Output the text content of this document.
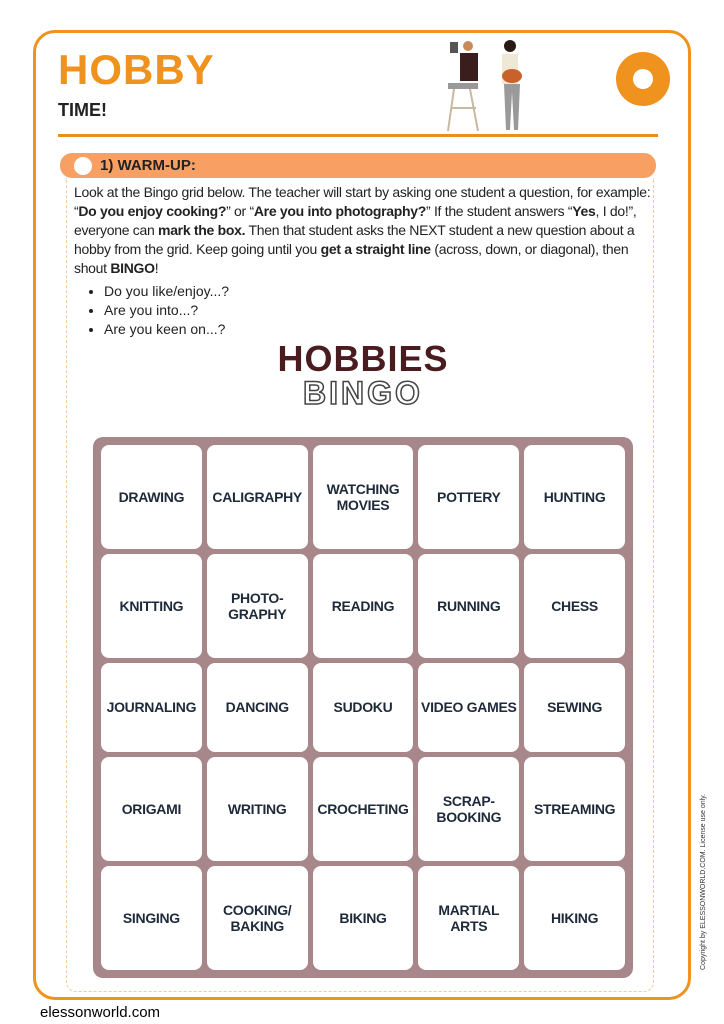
HOBBY
TIME!
1) WARM-UP:

Look at the Bingo grid below. The teacher will start by asking one student a question, for example: “Do you enjoy cooking?” or “Are you into photography?” If the student answers “Yes, I do!”, everyone can mark the box. Then that student asks the NEXT student a new question about a hobby from the grid. Keep going until you get a straight line (across, down, or diagonal), then shout BINGO!

• Do you like/enjoy...?
• Are you into...?
• Are you keen on...?
HOBBIES
BINGO
DRAWING	CALIGRAPHY	WATCHING MOVIES	POTTERY	HUNTING
KNITTING	PHOTO-GRAPHY	READING	RUNNING	CHESS
JOURNALING	DANCING	SUDOKU	VIDEO GAMES	SEWING
ORIGAMI	WRITING	CROCHETING	SCRAP-BOOKING	STREAMING
SINGING	COOKING/ BAKING	BIKING	MARTIAL ARTS	HIKING	Copyright by ELESSONWORLD.COM. License use only.
elessonworld.com
